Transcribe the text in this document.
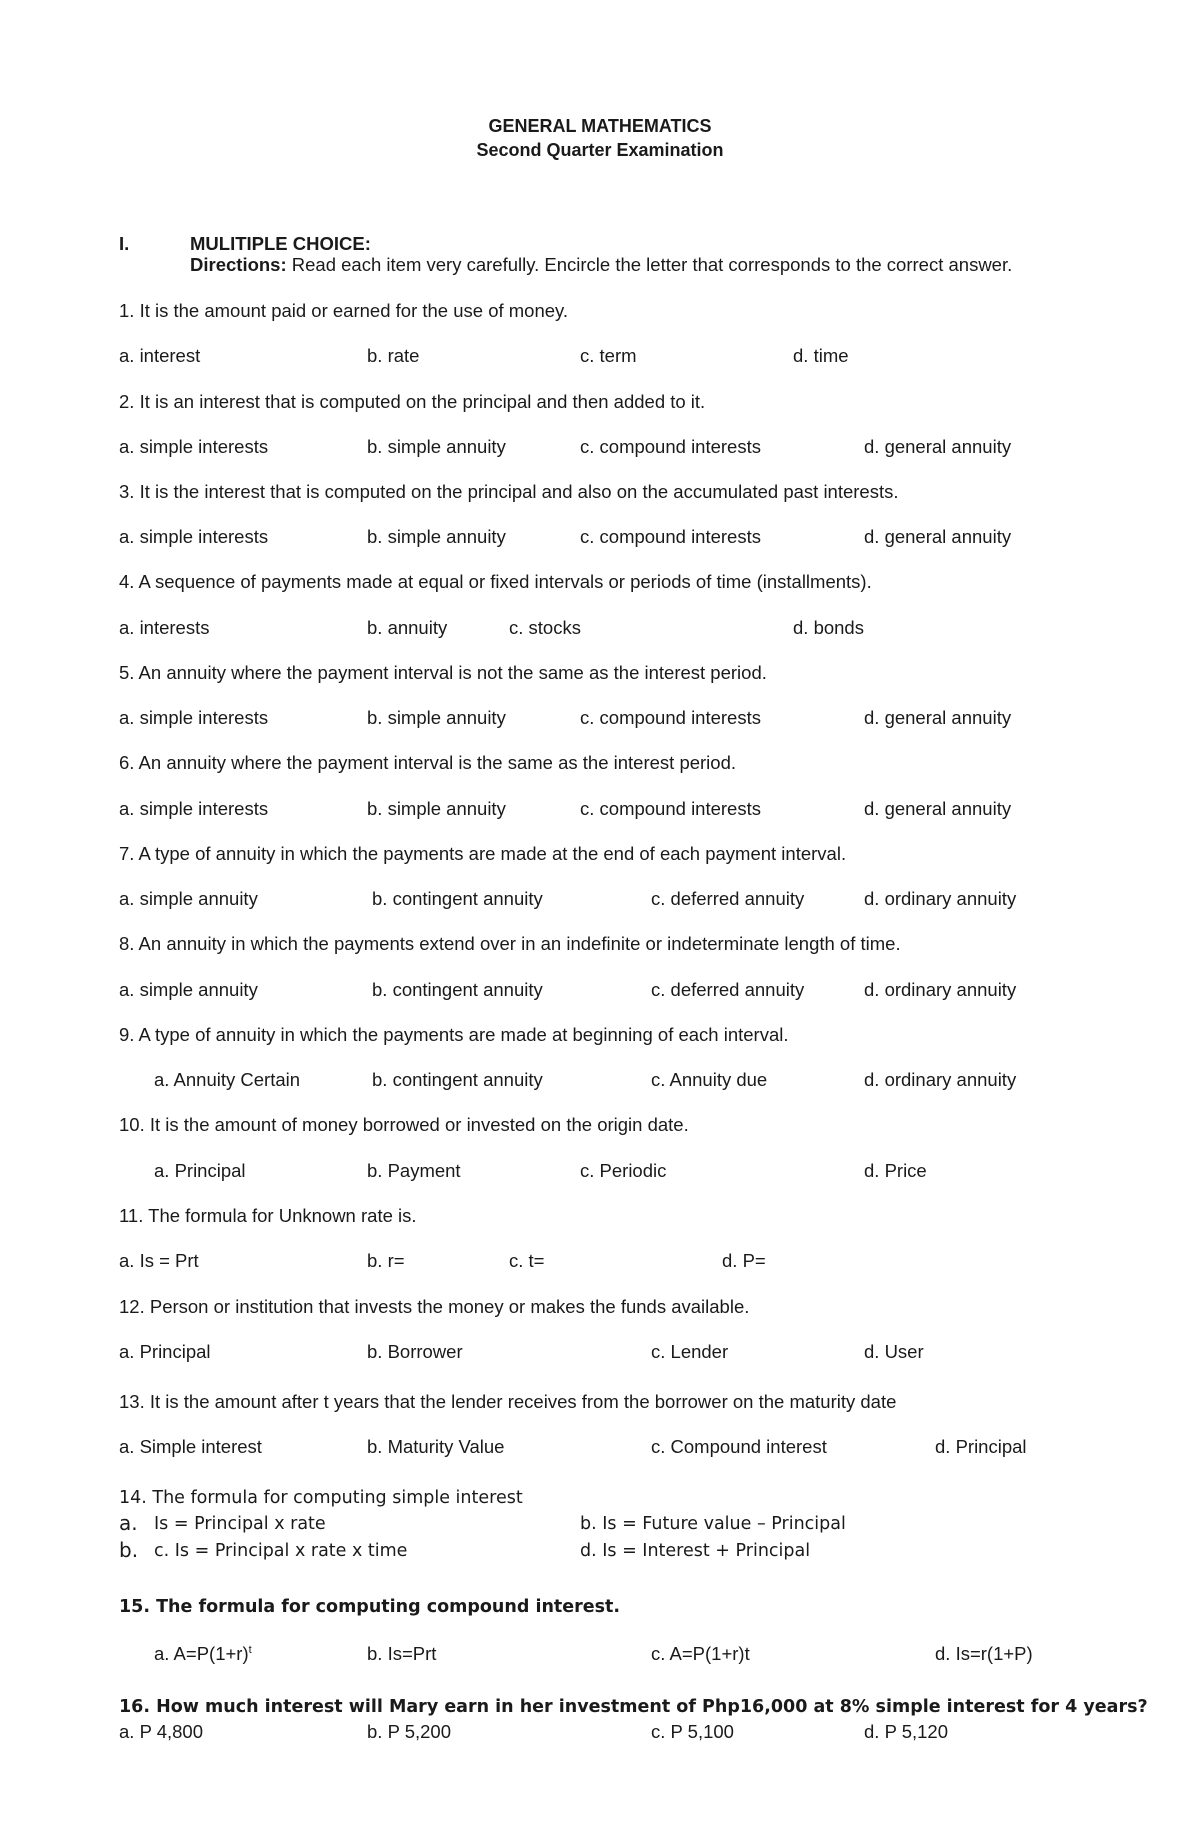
GENERAL MATHEMATICS
Second Quarter Examination
I.	MULITIPLE CHOICE:
Directions: Read each item very carefully. Encircle the letter that corresponds to the correct answer.
1. It is the amount paid or earned for the use of money.
a. interest	b. rate	c. term	d. time
2. It is an interest that is computed on the principal and then added to it.
a. simple interests	b. simple annuity	c. compound interests	d. general annuity
3. It is the interest that is computed on the principal and also on the accumulated past interests.
a. simple interests	b. simple annuity	c. compound interests	d. general annuity
4. A sequence of payments made at equal or fixed intervals or periods of time (installments).
a. interests	b. annuity	c. stocks	d. bonds
5. An annuity where the payment interval is not the same as the interest period.
a. simple interests	b. simple annuity	c. compound interests	d. general annuity
6. An annuity where the payment interval is the same as the interest period.
a. simple interests	b. simple annuity	c. compound interests	d. general annuity
7. A type of annuity in which the payments are made at the end of each payment interval.
a. simple annuity	b. contingent annuity	c. deferred annuity	d. ordinary annuity
8. An annuity in which the payments extend over in an indefinite or indeterminate length of time.
a. simple annuity	b. contingent annuity	c. deferred annuity	d. ordinary annuity
9. A type of annuity in which the payments are made at beginning of each interval.
a. Annuity Certain	b. contingent annuity	c. Annuity due	d. ordinary annuity
10. It is the amount of money borrowed or invested on the origin date.
a. Principal	b. Payment	c. Periodic	d. Price
11. The formula for Unknown rate is.
a. Is = Prt	b. r=	c. t=	d. P=
12. Person or institution that invests the money or makes the funds available.
a. Principal	b. Borrower	c. Lender	d. User
13. It is the amount after t years that the lender receives from the borrower on the maturity date
a. Simple interest	b. Maturity Value	c. Compound interest	d. Principal
14. The formula for computing simple interest
a. Is = Principal x rate	b. Is = Future value – Principal
b. c. Is = Principal x rate x time	d. Is = Interest + Principal
15. The formula for computing compound interest.
a. $A=P(1+r)^t$	b. Is=Prt	c. A=P(1+r)t	d. Is=r(1+P)
16. How much interest will Mary earn in her investment of Php16,000 at 8% simple interest for 4 years?
a. P 4,800	b. P 5,200	c. P 5,100	d. P 5,120
